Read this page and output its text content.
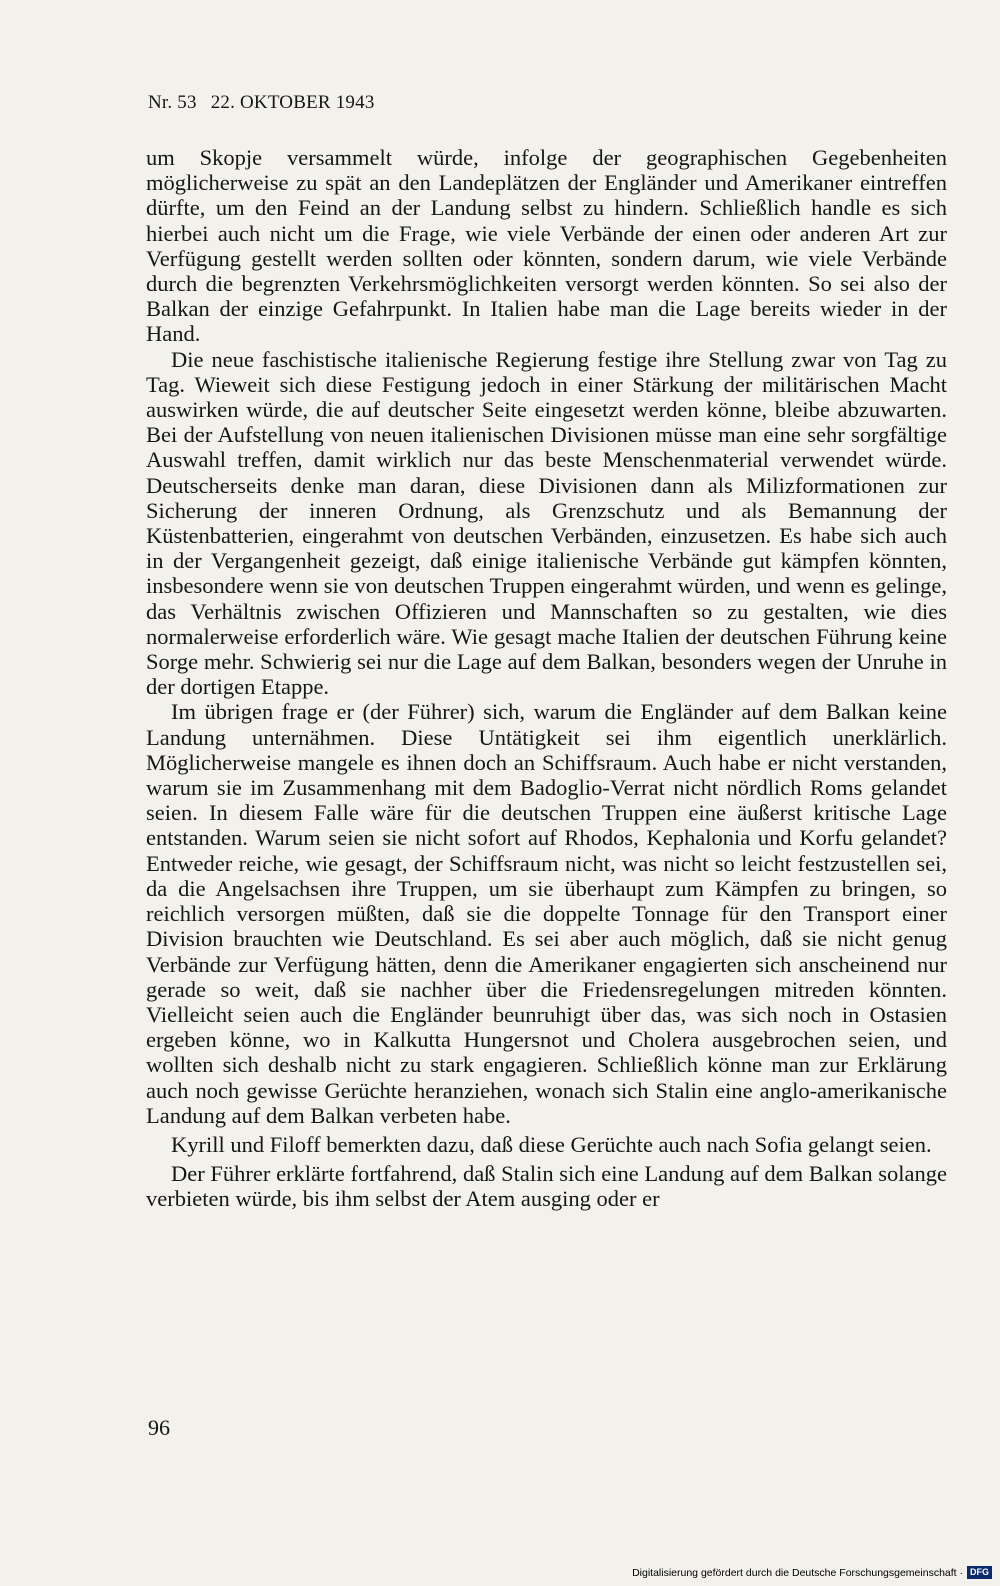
Nr. 53 22. OKTOBER 1943

um Skopje versammelt würde, infolge der geographischen Gegebenheiten möglicherweise zu spät an den Landeplätzen der Engländer und Amerikaner eintreffen dürfte, um den Feind an der Landung selbst zu hindern. Schließlich handle es sich hierbei auch nicht um die Frage, wie viele Verbände der einen oder anderen Art zur Verfügung gestellt werden sollten oder könnten, sondern darum, wie viele Verbände durch die begrenzten Verkehrsmöglichkeiten versorgt werden könnten. So sei also der Balkan der einzige Gefahrpunkt. In Italien habe man die Lage bereits wieder in der Hand.

Die neue faschistische italienische Regierung festige ihre Stellung zwar von Tag zu Tag. Wieweit sich diese Festigung jedoch in einer Stärkung der militärischen Macht auswirken würde, die auf deutscher Seite eingesetzt werden könne, bleibe abzuwarten. Bei der Aufstellung von neuen italienischen Divisionen müsse man eine sehr sorgfältige Auswahl treffen, damit wirklich nur das beste Menschenmaterial verwendet würde. Deutscherseits denke man daran, diese Divisionen dann als Milizformationen zur Sicherung der inneren Ordnung, als Grenzschutz und als Bemannung der Küstenbatterien, eingerahmt von deutschen Verbänden, einzusetzen. Es habe sich auch in der Vergangenheit gezeigt, daß einige italienische Verbände gut kämpfen könnten, insbesondere wenn sie von deutschen Truppen eingerahmt würden, und wenn es gelinge, das Verhältnis zwischen Offizieren und Mannschaften so zu gestalten, wie dies normalerweise erforderlich wäre. Wie gesagt mache Italien der deutschen Führung keine Sorge mehr. Schwierig sei nur die Lage auf dem Balkan, besonders wegen der Unruhe in der dortigen Etappe.

Im übrigen frage er (der Führer) sich, warum die Engländer auf dem Balkan keine Landung unternähmen. Diese Untätigkeit sei ihm eigentlich unerklärlich. Möglicherweise mangele es ihnen doch an Schiffsraum. Auch habe er nicht verstanden, warum sie im Zusammenhang mit dem Badoglio-Verrat nicht nördlich Roms gelandet seien. In diesem Falle wäre für die deutschen Truppen eine äußerst kritische Lage entstanden. Warum seien sie nicht sofort auf Rhodos, Kephalonia und Korfu gelandet? Entweder reiche, wie gesagt, der Schiffsraum nicht, was nicht so leicht festzustellen sei, da die Angelsachsen ihre Truppen, um sie überhaupt zum Kämpfen zu bringen, so reichlich versorgen müßten, daß sie die doppelte Tonnage für den Transport einer Division brauchten wie Deutschland. Es sei aber auch möglich, daß sie nicht genug Verbände zur Verfügung hätten, denn die Amerikaner engagierten sich anscheinend nur gerade so weit, daß sie nachher über die Friedensregelungen mitreden könnten. Vielleicht seien auch die Engländer beunruhigt über das, was sich noch in Ostasien ergeben könne, wo in Kalkutta Hungersnot und Cholera ausgebrochen seien, und wollten sich deshalb nicht zu stark engagieren. Schließlich könne man zur Erklärung auch noch gewisse Gerüchte heranziehen, wonach sich Stalin eine anglo-amerikanische Landung auf dem Balkan verbeten habe.

Kyrill und Filoff bemerkten dazu, daß diese Gerüchte auch nach Sofia gelangt seien.

Der Führer erklärte fortfahrend, daß Stalin sich eine Landung auf dem Balkan solange verbieten würde, bis ihm selbst der Atem ausging oder er

96
Digitalisierung gefördert durch die Deutsche Forschungsgemeinschaft · DFG
